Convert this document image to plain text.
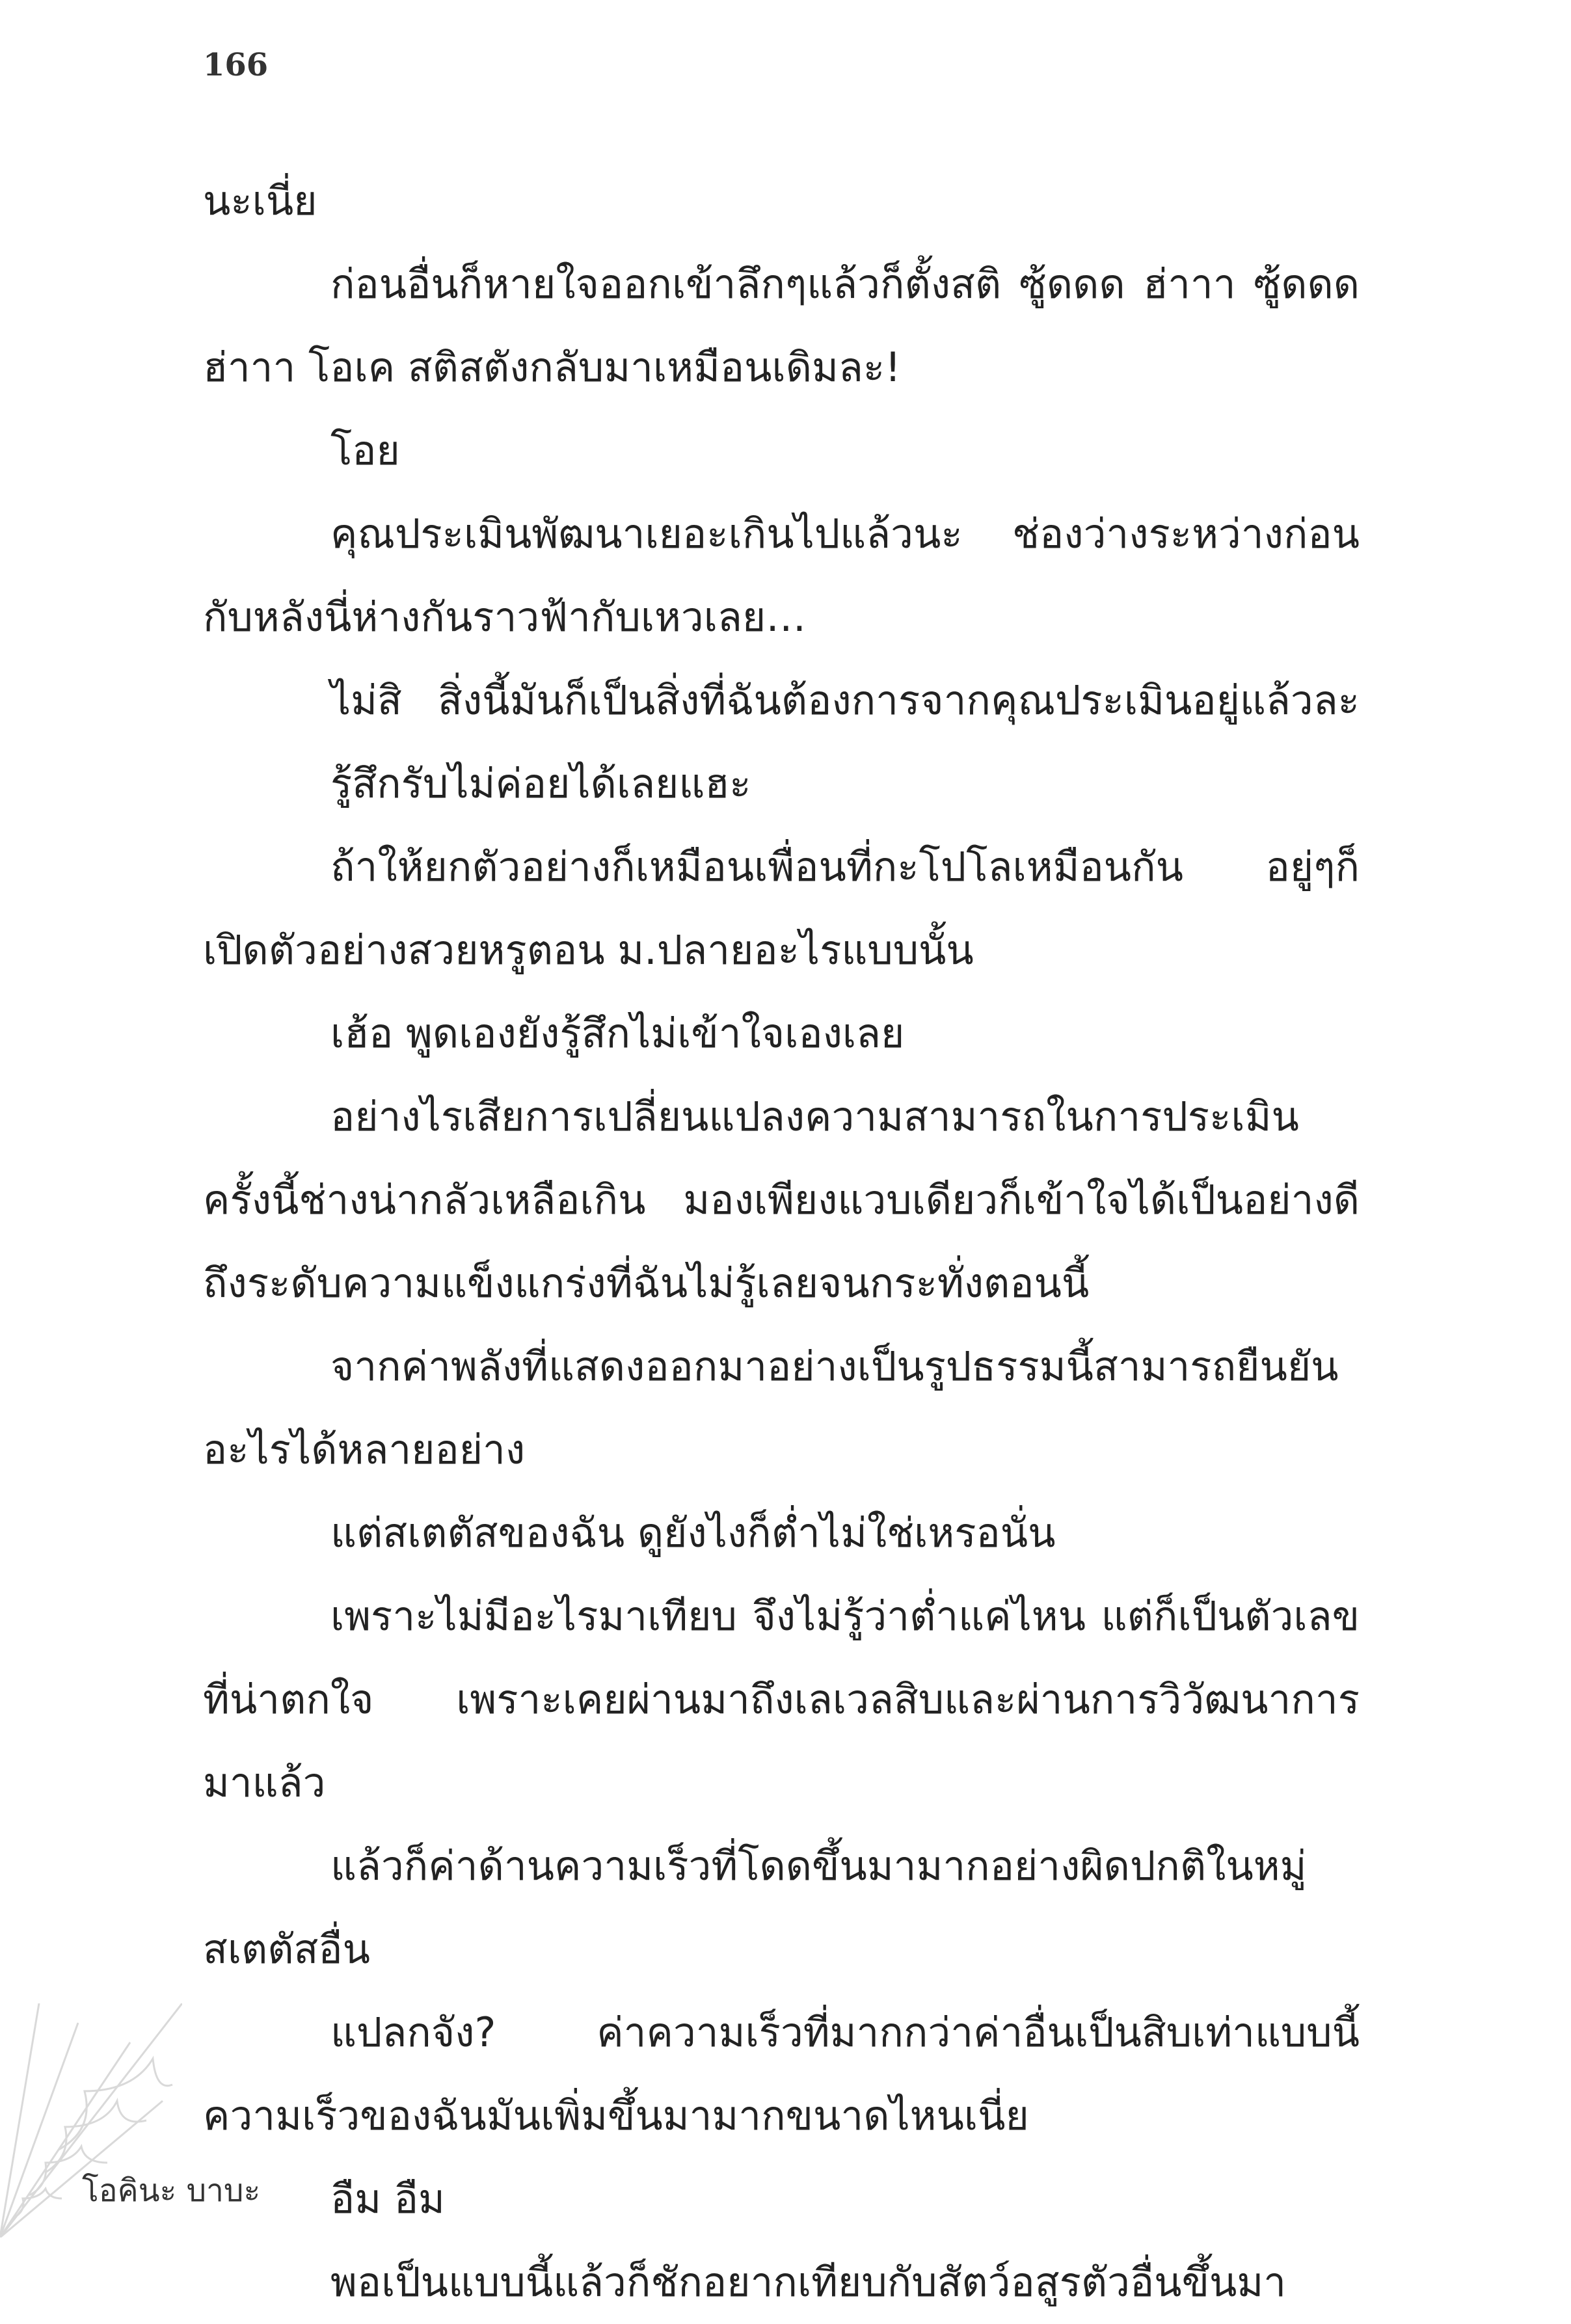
166
นะเนี่ย
ก่อนอื่นก็หายใจออกเข้าลึกๆแล้วก็ตั้งสติ ซู้ดดด ฮ่าาา ซู้ดดด
ฮ่าาา โอเค สติสตังกลับมาเหมือนเดิมละ!
โอย
คุณประเมินพัฒนาเยอะเกินไปแล้วนะ ช่องว่างระหว่างก่อน
กับหลังนี่ห่างกันราวฟ้ากับเหวเลย…
ไม่สิ สิ่งนี้มันก็เป็นสิ่งที่ฉันต้องการจากคุณประเมินอยู่แล้วละ
รู้สึกรับไม่ค่อยได้เลยแฮะ
ถ้าให้ยกตัวอย่างก็เหมือนเพื่อนที่กะโปโลเหมือนกัน อยู่ๆก็
เปิดตัวอย่างสวยหรูตอน ม.ปลายอะไรแบบนั้น
เฮ้อ พูดเองยังรู้สึกไม่เข้าใจเองเลย
อย่างไรเสียการเปลี่ยนแปลงความสามารถในการประเมิน
ครั้งนี้ช่างน่ากลัวเหลือเกิน มองเพียงแวบเดียวก็เข้าใจได้เป็นอย่างดี
ถึงระดับความแข็งแกร่งที่ฉันไม่รู้เลยจนกระทั่งตอนนี้
จากค่าพลังที่แสดงออกมาอย่างเป็นรูปธรรมนี้สามารถยืนยัน
อะไรได้หลายอย่าง
แต่สเตตัสของฉัน ดูยังไงก็ต่ำไม่ใช่เหรอนั่น
เพราะไม่มีอะไรมาเทียบ จึงไม่รู้ว่าต่ำแค่ไหน แต่ก็เป็นตัวเลข
ที่น่าตกใจ เพราะเคยผ่านมาถึงเลเวลสิบและผ่านการวิวัฒนาการ
มาแล้ว
แล้วก็ค่าด้านความเร็วที่โดดขึ้นมามากอย่างผิดปกติในหมู่
สเตตัสอื่น
แปลกจัง? ค่าความเร็วที่มากกว่าค่าอื่นเป็นสิบเท่าแบบนี้
ความเร็วของฉันมันเพิ่มขึ้นมามากขนาดไหนเนี่ย
อืม อืม
พอเป็นแบบนี้แล้วก็ชักอยากเทียบกับสัตว์อสูรตัวอื่นขึ้นมา
โอคินะ บาบะ
